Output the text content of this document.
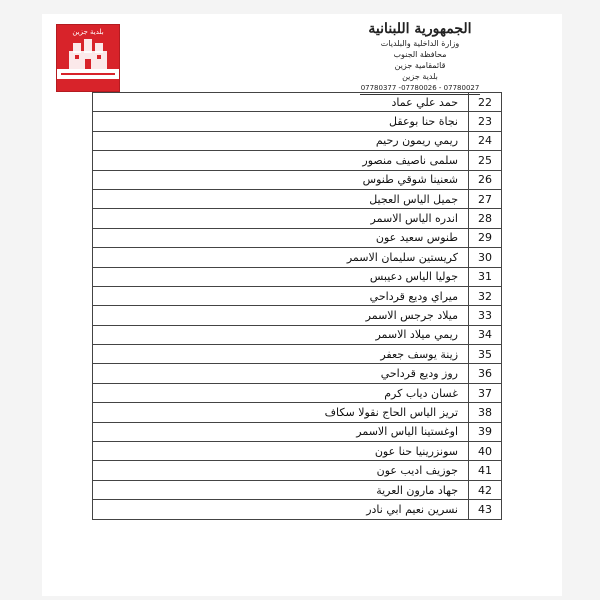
بلدية جزين	الجمهورية اللبنانية
وزارة الداخلية والبلديات
محافظة الجنوب
قائمقامية جزين
بلدية جزين
07780377 -07780026 - 07780027
22	حمد علي عماد
23	نجاة حنا بوعقل
24	ريمي ريمون رحيم
25	سلمى ناصيف منصور
26	شعنينا شوقي طنوس
27	جميل الياس العجيل
28	اندره الياس الاسمر
29	طنوس سعيد عون
30	كريستين سليمان الاسمر
31	جوليا الياس دعيبس
32	ميراي وديع قرداحي
33	ميلاد جرجس الاسمر
34	ريمي ميلاد الاسمر
35	زينة يوسف جعفر
36	روز وديع قرداحي
37	غسان دياب كرم
38	تريز الياس الحاج نقولا سكاف
39	اوغستينا الياس الاسمر
40	سونزرينيا حنا عون
41	جوزيف اديب عون
42	جهاد مارون العرية
43	نسرين نعيم ابي نادر
